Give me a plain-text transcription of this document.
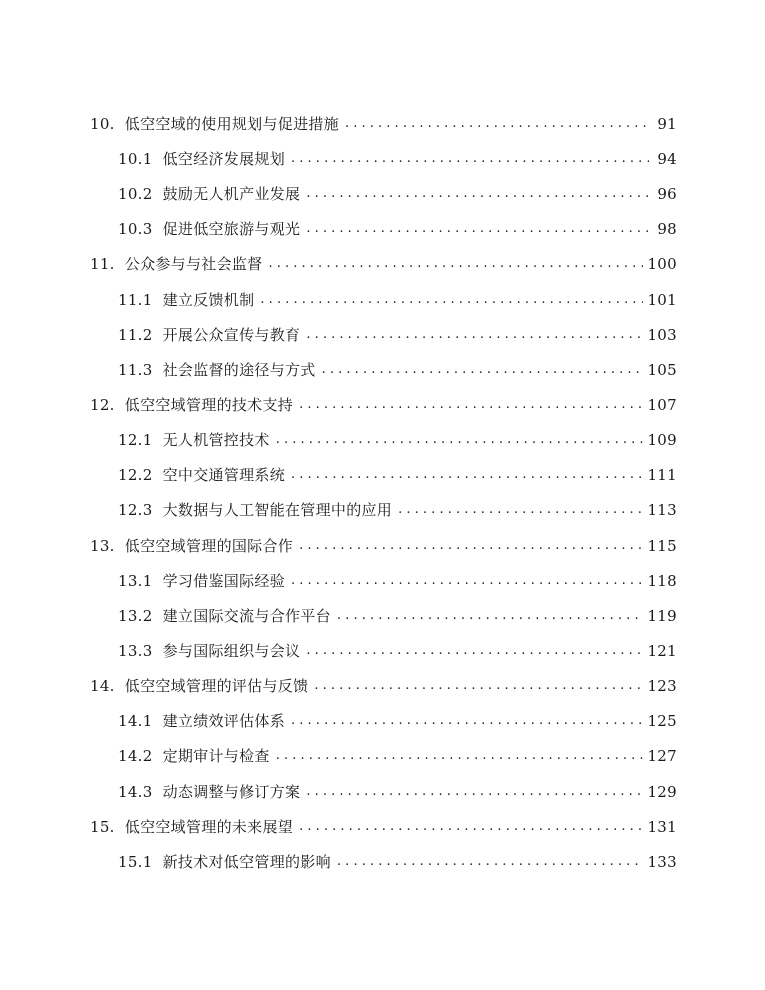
10. 低空空域的使用规划与促进措施 . . .	91
10.1 低空经济发展规划 . . .	94
10.2 鼓励无人机产业发展 . . .	96
10.3 促进低空旅游与观光 . . .	98
11. 公众参与与社会监督 . . .	100
11.1 建立反馈机制 . . .	101
11.2 开展公众宣传与教育 . . .	103
11.3 社会监督的途径与方式 . . .	105
12. 低空空域管理的技术支持 . . .	107
12.1 无人机管控技术 . . .	109
12.2 空中交通管理系统 . . .	111
12.3 大数据与人工智能在管理中的应用 . . .	113
13. 低空空域管理的国际合作 . . .	115
13.1 学习借鉴国际经验 . . .	118
13.2 建立国际交流与合作平台 . . .	119
13.3 参与国际组织与会议 . . .	121
14. 低空空域管理的评估与反馈 . . .	123
14.1 建立绩效评估体系 . . .	125
14.2 定期审计与检查 . . .	127
14.3 动态调整与修订方案 . . .	129
15. 低空空域管理的未来展望 . . .	131
15.1 新技术对低空管理的影响 . . .	133
